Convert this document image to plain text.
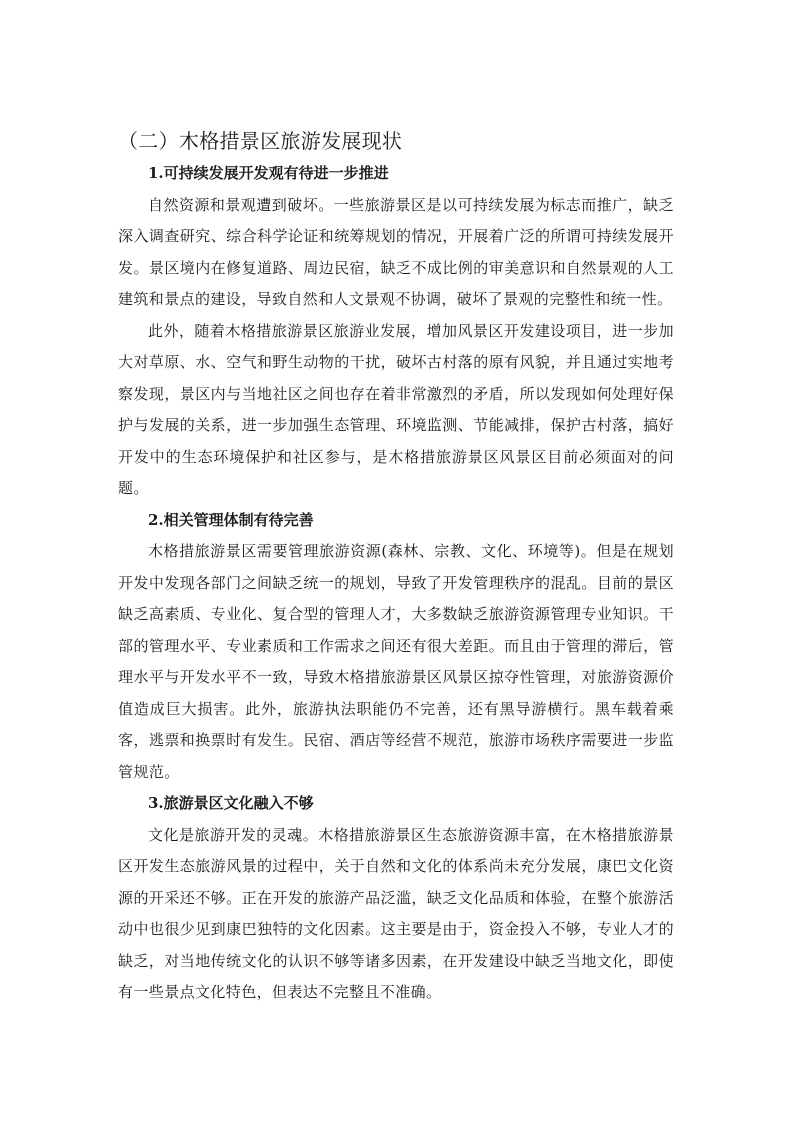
（二）木格措景区旅游发展现状
1.可持续发展开发观有待进一步推进

自然资源和景观遭到破坏。一些旅游景区是以可持续发展为标志而推广，缺乏深入调查研究、综合科学论证和统筹规划的情况，开展着广泛的所谓可持续发展开发。景区境内在修复道路、周边民宿，缺乏不成比例的审美意识和自然景观的人工建筑和景点的建设，导致自然和人文景观不协调，破坏了景观的完整性和统一性。

此外，随着木格措旅游景区旅游业发展，增加风景区开发建设项目，进一步加大对草原、水、空气和野生动物的干扰，破坏古村落的原有风貌，并且通过实地考察发现，景区内与当地社区之间也存在着非常激烈的矛盾，所以发现如何处理好保护与发展的关系，进一步加强生态管理、环境监测、节能减排，保护古村落，搞好开发中的生态环境保护和社区参与，是木格措旅游景区风景区目前必须面对的问题。

2.相关管理体制有待完善

木格措旅游景区需要管理旅游资源(森林、宗教、文化、环境等)。但是在规划开发中发现各部门之间缺乏统一的规划，导致了开发管理秩序的混乱。目前的景区缺乏高素质、专业化、复合型的管理人才，大多数缺乏旅游资源管理专业知识。干部的管理水平、专业素质和工作需求之间还有很大差距。而且由于管理的滞后，管理水平与开发水平不一致，导致木格措旅游景区风景区掠夺性管理，对旅游资源价值造成巨大损害。此外，旅游执法职能仍不完善，还有黑导游横行。黑车载着乘客，逃票和换票时有发生。民宿、酒店等经营不规范，旅游市场秩序需要进一步监管规范。

3.旅游景区文化融入不够

文化是旅游开发的灵魂。木格措旅游景区生态旅游资源丰富，在木格措旅游景区开发生态旅游风景的过程中，关于自然和文化的体系尚未充分发展，康巴文化资源的开采还不够。正在开发的旅游产品泛滥，缺乏文化品质和体验，在整个旅游活动中也很少见到康巴独特的文化因素。这主要是由于，资金投入不够，专业人才的缺乏，对当地传统文化的认识不够等诸多因素，在开发建设中缺乏当地文化，即使有一些景点文化特色，但表达不完整且不准确。
